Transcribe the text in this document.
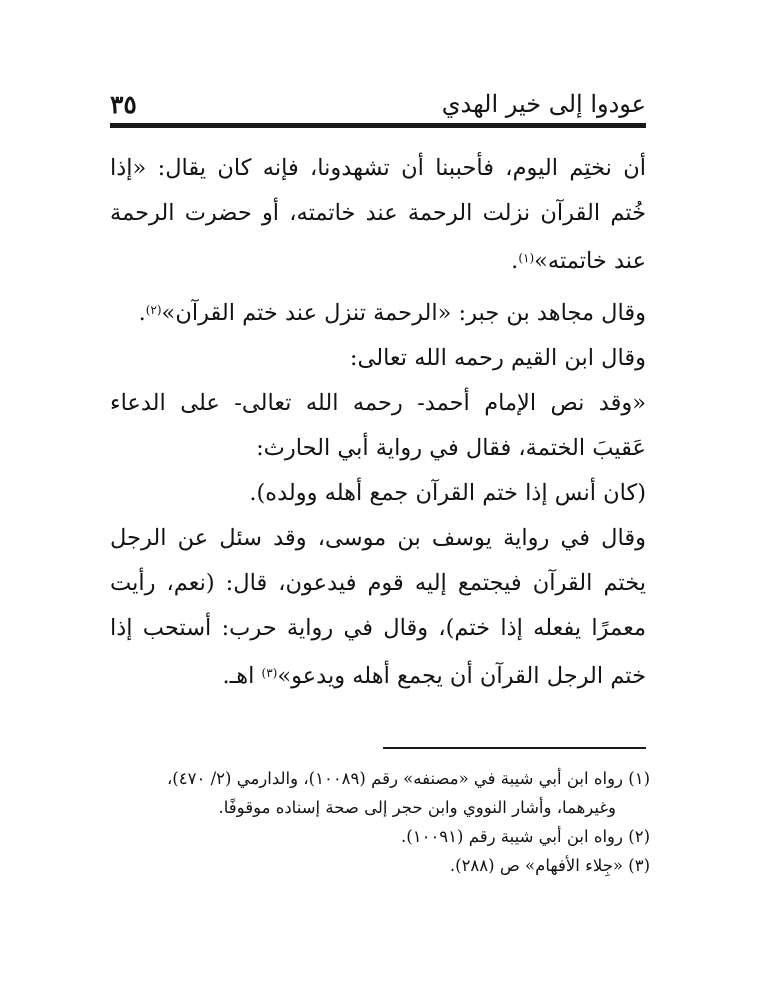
عودوا إلى خير الهدي
٣٥

أن نختِم اليوم، فأحببنا أن تشهدونا، فإنه كان يقال: «إذا خُتم القرآن نزلت الرحمة عند خاتمته، أو حضرت الرحمة عند خاتمته»$^{(١)}$.

وقال مجاهد بن جبر: «الرحمة تنزل عند ختم القرآن»$^{(٢)}$.

وقال ابن القيم رحمه الله تعالى:

«وقد نص الإمام أحمد- رحمه الله تعالى- على الدعاء عَقيبَ الختمة، فقال في رواية أبي الحارث:

(كان أنس إذا ختم القرآن جمع أهله وولده).

وقال في رواية يوسف بن موسى، وقد سئل عن الرجل يختم القرآن فيجتمع إليه قوم فيدعون، قال: (نعم، رأيت معمرًا يفعله إذا ختم)، وقال في رواية حرب: أستحب إذا ختم الرجل القرآن أن يجمع أهله ويدعو»$^{(٣)}$ اهـ.

(١) رواه ابن أبي شيبة في «مصنفه» رقم (١٠٠٨٩)، والدارمي (٢/ ٤٧٠)،

وغيرهما، وأشار النووي وابن حجر إلى صحة إسناده موقوفًا.

(٢) رواه ابن أبي شيبة رقم (١٠٠٩١).

(٣) «جِلاء الأفهام» ص (٢٨٨).
